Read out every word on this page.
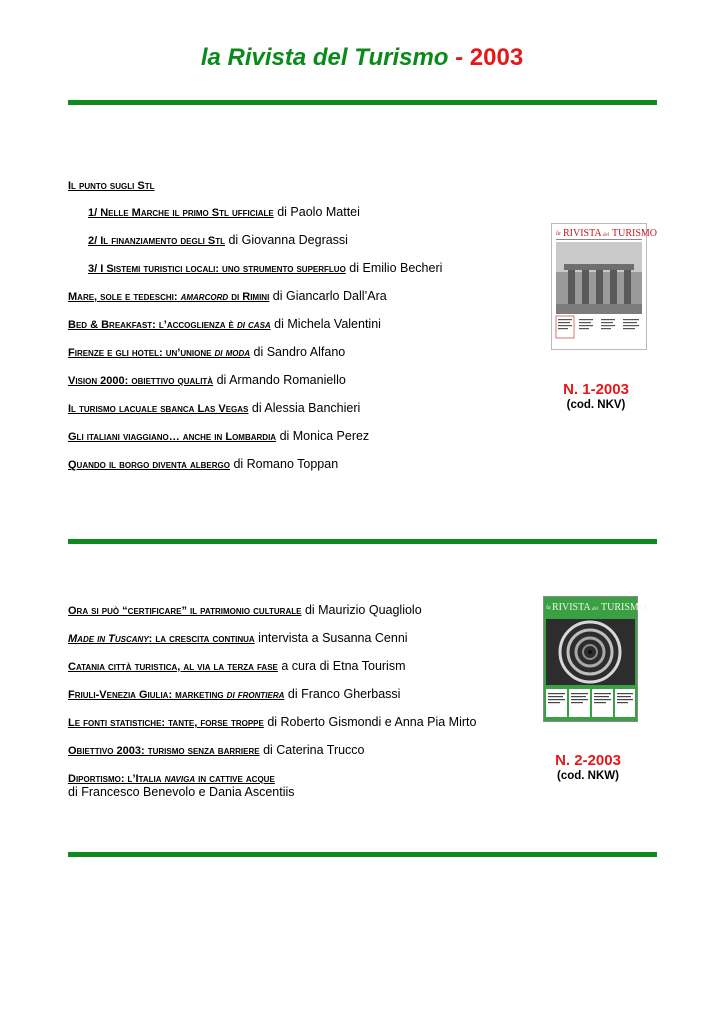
la Rivista del Turismo - 2003
Il punto sugli Stl
1/ Nelle Marche il primo Stl ufficiale di Paolo Mattei
2/ Il finanziamento degli Stl di Giovanna Degrassi
3/ I Sistemi turistici locali: uno strumento superfluo di Emilio Becheri
Mare, sole e tedeschi: amarcord di Rimini di Giancarlo Dall’Ara
Bed & Breakfast: l’accoglienza è di casa di Michela Valentini
Firenze e gli hotel: un’unione di moda di Sandro Alfano
Vision 2000: obiettivo qualità di Armando Romaniello
Il turismo lacuale sbanca Las Vegas di Alessia Banchieri
Gli italiani viaggiano… anche in Lombardia di Monica Perez
Quando il borgo diventa albergo di Romano Toppan
la RIVISTA del TURISMO
N. 1-2003
(cod. NKV)
Ora si può “certificare” il patrimonio culturale di Maurizio Quagliolo
Made in Tuscany: la crescita continua intervista a Susanna Cenni
Catania città turistica, al via la terza fase a cura di Etna Tourism
Friuli-Venezia Giulia: marketing di frontiera di Franco Gherbassi
Le fonti statistiche: tante, forse troppe di Roberto Gismondi e Anna Pia Mirto
Obiettivo 2003: turismo senza barriere di Caterina Trucco
Diportismo: l’Italia naviga in cattive acque
di Francesco Benevolo e Dania Ascentiis
la RIVISTA del TURISMO
N. 2-2003
(cod. NKW)
